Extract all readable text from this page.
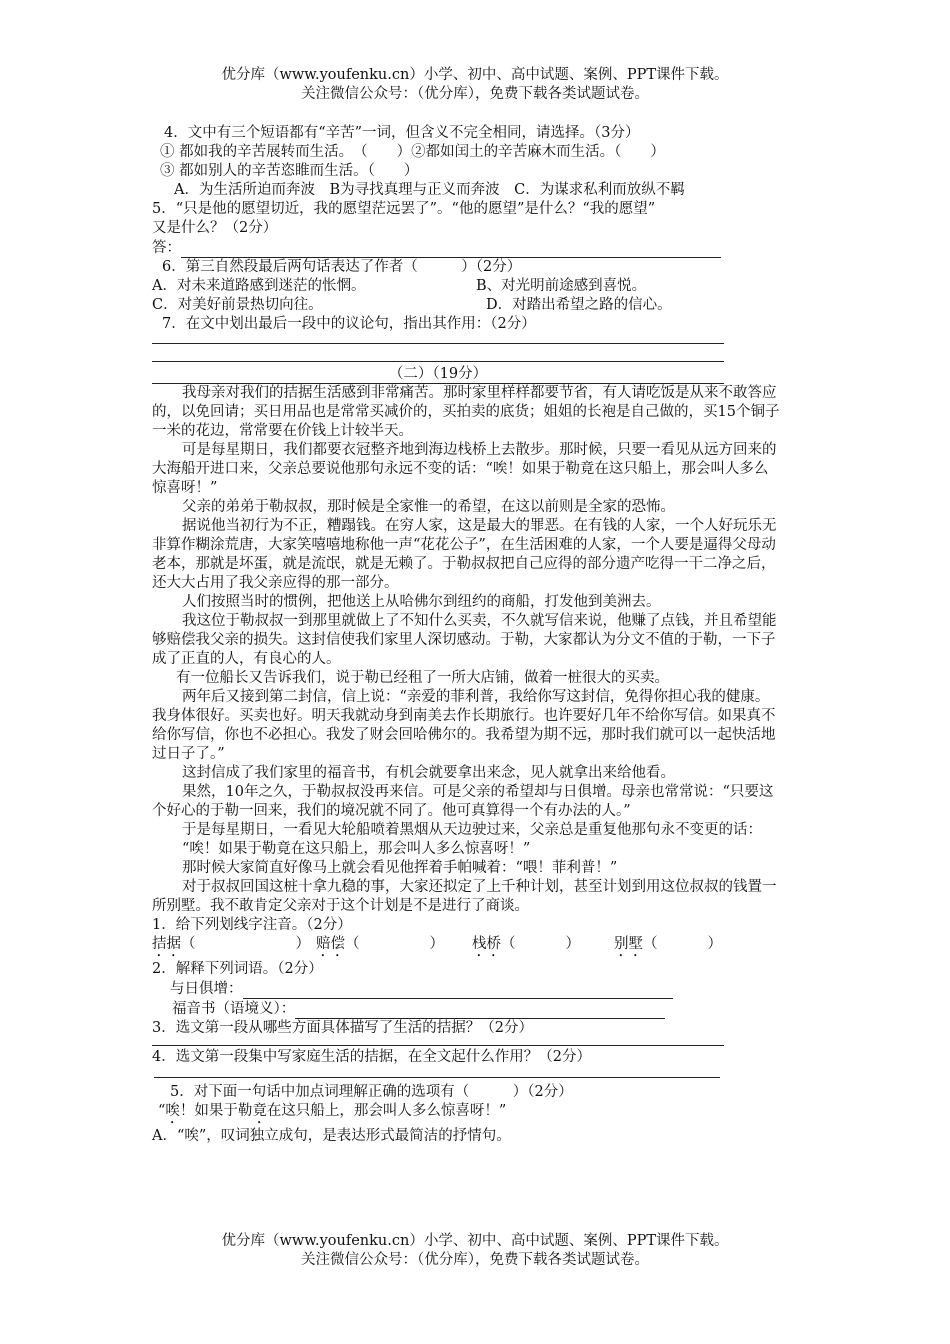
优分库（www.youfenku.cn）小学、初中、高中试题、案例、PPT课件下载。
关注微信公众号：（优分库），免费下载各类试题试卷。
4．文中有三个短语都有“辛苦”一词，但含义不完全相同，请选择。（3分）
① 都如我的辛苦展转而生活。　（　　）②都如闰土的辛苦麻木而生活。（　　）
③ 都如别人的辛苦恣睢而生活。（　　）
A．为生活所迫而奔波　B为寻找真理与正义而奔波　C．为谋求私利而放纵不羁
5．“只是他的愿望切近，我的愿望茫远罢了”。“他的愿望”是什么？“我的愿望”
又是什么？（2分）
答：
6．第三自然段最后两句话表达了作者（　　　）（2分）
A．对未来道路感到迷茫的怅惘。	B、对光明前途感到喜悦。
C．对美好前景热切向往。	D．对踏出希望之路的信心。
7．在文中划出最后一段中的议论句，指出其作用：（2分）
（二）（19分）
我母亲对我们的拮据生活感到非常痛苦。那时家里样样都要节省，有人请吃饭是从来不敢答应的，以免回请；买日用品也是常常买减价的，买拍卖的底货；姐姐的长袍是自己做的，买15个铜子一米的花边，常常要在价钱上计较半天。
可是每星期日，我们都要衣冠整齐地到海边栈桥上去散步。那时候，只要一看见从远方回来的大海船开进口来，父亲总要说他那句永远不变的话：“唉！如果于勒竟在这只船上，那会叫人多么惊喜呀！”
父亲的弟弟于勒叔叔，那时候是全家惟一的希望，在这以前则是全家的恐怖。
据说他当初行为不正，糟蹋钱。在穷人家，这是最大的罪恶。在有钱的人家，一个人好玩乐无非算作糊涂荒唐，大家笑嘻嘻地称他一声“花花公子”，在生活困难的人家，一个人要是逼得父母动老本，那就是坏蛋，就是流氓，就是无赖了。于勒叔叔把自己应得的部分遗产吃得一干二净之后，还大大占用了我父亲应得的那一部分。
人们按照当时的惯例，把他送上从哈佛尔到纽约的商船，打发他到美洲去。
我这位于勒叔叔一到那里就做上了不知什么买卖，不久就写信来说，他赚了点钱，并且希望能够赔偿我父亲的损失。这封信使我们家里人深切感动。于勒，大家都认为分文不值的于勒，一下子成了正直的人，有良心的人。
有一位船长又告诉我们，说于勒已经租了一所大店铺，做着一桩很大的买卖。
两年后又接到第二封信，信上说：“亲爱的菲利普，我给你写这封信，免得你担心我的健康。我身体很好。买卖也好。明天我就动身到南美去作长期旅行。也许要好几年不给你写信。如果真不给你写信，你也不必担心。我发了财会回哈佛尔的。我希望为期不远，那时我们就可以一起快活地过日子了。”
这封信成了我们家里的福音书，有机会就要拿出来念，见人就拿出来给他看。
果然，10年之久，于勒叔叔没再来信。可是父亲的希望却与日俱增。母亲也常常说：“只要这个好心的于勒一回来，我们的境况就不同了。他可真算得一个有办法的人。”
于是每星期日，一看见大轮船喷着黑烟从天边驶过来，父亲总是重复他那句永不变更的话：
“唉！如果于勒竟在这只船上，那会叫人多么惊喜呀！”
那时候大家简直好像马上就会看见他挥着手帕喊着：“喂！菲利普！”
对于叔叔回国这桩十拿九稳的事，大家还拟定了上千种计划，甚至计划到用这位叔叔的钱置一所别墅。我不敢肯定父亲对于这个计划是不是进行了商谈。
1．给下列划线字注音。（2分）
拮据（	） 赔偿（	） 栈桥（	） 别墅（	）
2．解释下列词语。（2分）
与日俱增：
福音书（语境义）：
3．选文第一段从哪些方面具体描写了生活的拮据？（2分）
4．选文第一段集中写家庭生活的拮据，在全文起什么作用？（2分）
5．对下面一句话中加点词理解正确的选项有（　　　）（2分）
“唉！如果于勒竟在这只船上，那会叫人多么惊喜呀！”
A．“唉”，叹词独立成句，是表达形式最简洁的抒情句。
优分库（www.youfenku.cn）小学、初中、高中试题、案例、PPT课件下载。
关注微信公众号：（优分库），免费下载各类试题试卷。
